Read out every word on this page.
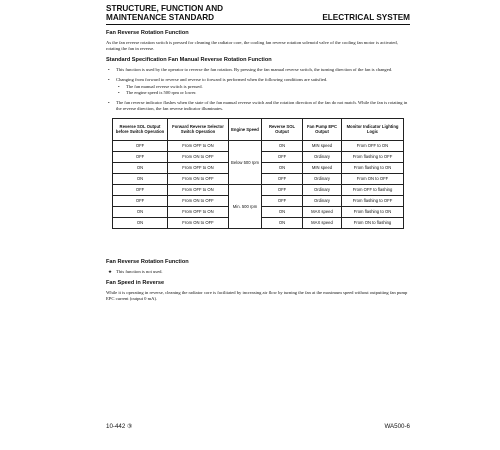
STRUCTURE, FUNCTION AND
MAINTENANCE STANDARD	ELECTRICAL SYSTEM
Fan Reverse Rotation Function

As the fan reverse rotation switch is pressed for cleaning the radiator core, the cooling fan reverse rotation solenoid valve of the cooling fan motor is activated, rotating the fan in reverse.

Standard Specification Fan Manual Reverse Rotation Function
•	This function is used by the operator to reverse the fan rotation. By pressing the fan manual reverse switch, the turning direction of the fan is changed.
•	Changing from forward to reverse and reverse to forward is performed when the following conditions are satisfied.
•	The fan manual reverse switch is pressed.
•	The engine speed is 500 rpm or lower.
•	The fan reverse indicator flashes when the state of the fan manual reverse switch and the rotation direction of the fan do not match. While the fan is rotating in the reverse direction, the fan reverse indicator illuminates.
Reverse SOL Output before Switch Operation	Forward Reverse Selector Switch Operation	Engine Speed	Reverse SOL Output	Fan Pump EPC Output	Monitor Indicator Lighting Logic
OFF	From OFF to ON	Below 500 rpm	ON	MIN speed	From OFF to ON
OFF	From ON to OFF		OFF	Ordinary	From flashing to OFF
ON	From OFF to ON		ON	MIN speed	From flashing to ON
ON	From ON to OFF		OFF	Ordinary	From ON to OFF
OFF	From OFF to ON	Min. 500 rpm	OFF	Ordinary	From OFF to flashing
OFF	From ON to OFF		OFF	Ordinary	From flashing to OFF
ON	From OFF to ON		ON	MAX speed	From flashing to ON
ON	From ON to OFF		ON	MAX speed	From ON to flashing
Fan Reverse Rotation Function
★ This function is not used.
Fan Speed in Reverse

While it is operating in reverse, cleaning the radiator core is facilitated by increasing air flow by turning the fan at the maximum speed without outputting fan pump EPC current (output 0 mA).

10-442 ③	WA500-6
